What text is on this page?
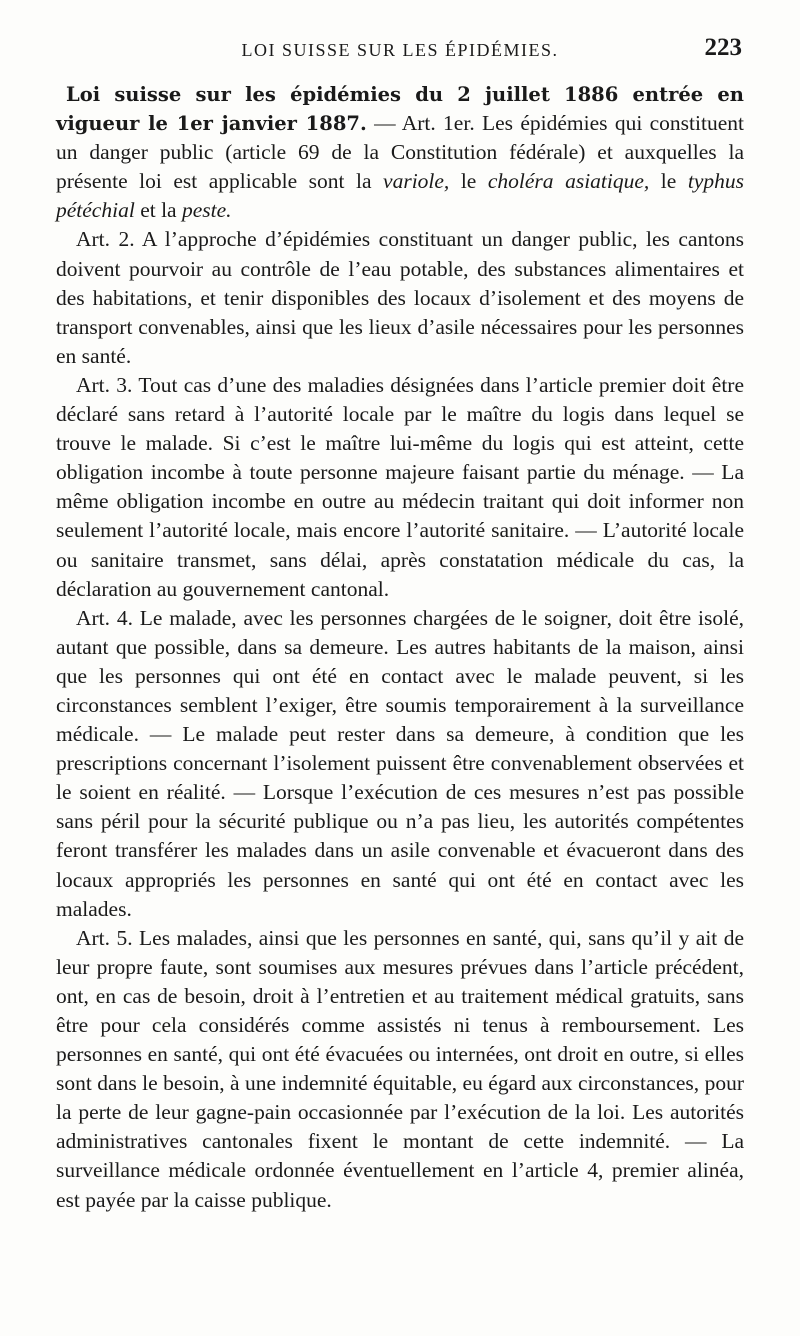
LOI SUISSE SUR LES ÉPIDÉMIES.	223

Loi suisse sur les épidémies du 2 juillet 1886 entrée en vigueur le 1er janvier 1887. — Art. 1er. Les épidémies qui constituent un danger public (article 69 de la Constitution fédérale) et auxquelles la présente loi est applicable sont la variole, le choléra asiatique, le typhus pétéchial et la peste.

Art. 2. A l’approche d’épidémies constituant un danger public, les cantons doivent pourvoir au contrôle de l’eau potable, des substances alimentaires et des habitations, et tenir disponibles des locaux d’isolement et des moyens de transport convenables, ainsi que les lieux d’asile nécessaires pour les personnes en santé.

Art. 3. Tout cas d’une des maladies désignées dans l’article premier doit être déclaré sans retard à l’autorité locale par le maître du logis dans lequel se trouve le malade. Si c’est le maître lui-même du logis qui est atteint, cette obligation incombe à toute personne majeure faisant partie du ménage. — La même obligation incombe en outre au médecin traitant qui doit informer non seulement l’autorité locale, mais encore l’autorité sanitaire. — L’autorité locale ou sanitaire transmet, sans délai, après constatation médicale du cas, la déclaration au gouvernement cantonal.

Art. 4. Le malade, avec les personnes chargées de le soigner, doit être isolé, autant que possible, dans sa demeure. Les autres habitants de la maison, ainsi que les personnes qui ont été en contact avec le malade peuvent, si les circonstances semblent l’exiger, être soumis temporairement à la surveillance médicale. — Le malade peut rester dans sa demeure, à condition que les prescriptions concernant l’isolement puissent être convenablement observées et le soient en réalité. — Lorsque l’exécution de ces mesures n’est pas possible sans péril pour la sécurité publique ou n’a pas lieu, les autorités compétentes feront transférer les malades dans un asile convenable et évacueront dans des locaux appropriés les personnes en santé qui ont été en contact avec les malades.

Art. 5. Les malades, ainsi que les personnes en santé, qui, sans qu’il y ait de leur propre faute, sont soumises aux mesures prévues dans l’article précédent, ont, en cas de besoin, droit à l’entretien et au traitement médical gratuits, sans être pour cela considérés comme assistés ni tenus à remboursement. Les personnes en santé, qui ont été évacuées ou internées, ont droit en outre, si elles sont dans le besoin, à une indemnité équitable, eu égard aux circonstances, pour la perte de leur gagne-pain occasionnée par l’exécution de la loi. Les autorités administratives cantonales fixent le montant de cette indemnité. — La surveillance médicale ordonnée éventuellement en l’article 4, premier alinéa, est payée par la caisse publique.
